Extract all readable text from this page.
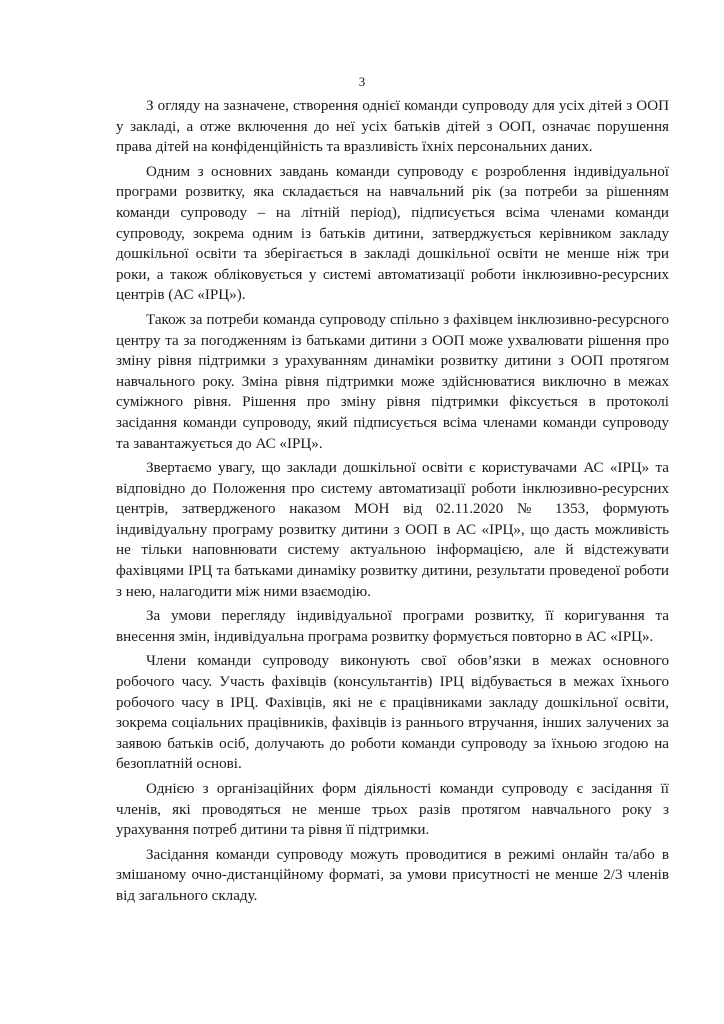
3

З огляду на зазначене, створення однієї команди супроводу для усіх дітей з ООП у закладі, а отже включення до неї усіх батьків дітей з ООП, означає порушення права дітей на конфіденційність та вразливість їхніх персональних даних.

Одним з основних завдань команди супроводу є розроблення індивідуальної програми розвитку, яка складається на навчальний рік (за потреби за рішенням команди супроводу – на літній період), підписується всіма членами команди супроводу, зокрема одним із батьків дитини, затверджується керівником закладу дошкільної освіти та зберігається в закладі дошкільної освіти не менше ніж три роки, а також обліковується у системі автоматизації роботи інклюзивно-ресурсних центрів (АС «ІРЦ»).

Також за потреби команда супроводу спільно з фахівцем інклюзивно-ресурсного центру та за погодженням із батьками дитини з ООП може ухвалювати рішення про зміну рівня підтримки з урахуванням динаміки розвитку дитини з ООП протягом навчального року. Зміна рівня підтримки може здійснюватися виключно в межах суміжного рівня. Рішення про зміну рівня підтримки фіксується в протоколі засідання команди супроводу, який підписується всіма членами команди супроводу та завантажується до АС «ІРЦ».

Звертаємо увагу, що заклади дошкільної освіти є користувачами АС «ІРЦ» та відповідно до Положення про систему автоматизації роботи інклюзивно-ресурсних центрів, затвердженого наказом МОН від 02.11.2020 № 1353, формують індивідуальну програму розвитку дитини з ООП в АС «ІРЦ», що дасть можливість не тільки наповнювати систему актуальною інформацією, але й відстежувати фахівцями ІРЦ та батьками динаміку розвитку дитини, результати проведеної роботи з нею, налагодити між ними взаємодію.

За умови перегляду індивідуальної програми розвитку, її коригування та внесення змін, індивідуальна програма розвитку формується повторно в АС «ІРЦ».

Члени команди супроводу виконують свої обов’язки в межах основного робочого часу. Участь фахівців (консультантів) ІРЦ відбувається в межах їхнього робочого часу в ІРЦ. Фахівців, які не є працівниками закладу дошкільної освіти, зокрема соціальних працівників, фахівців із раннього втручання, інших залучених за заявою батьків осіб, долучають до роботи команди супроводу за їхньою згодою на безоплатній основі.

Однією з організаційних форм діяльності команди супроводу є засідання її членів, які проводяться не менше трьох разів протягом навчального року з урахування потреб дитини та рівня її підтримки.

Засідання команди супроводу можуть проводитися в режимі онлайн та/або в змішаному очно-дистанційному форматі, за умови присутності не менше 2/3 членів від загального складу.
